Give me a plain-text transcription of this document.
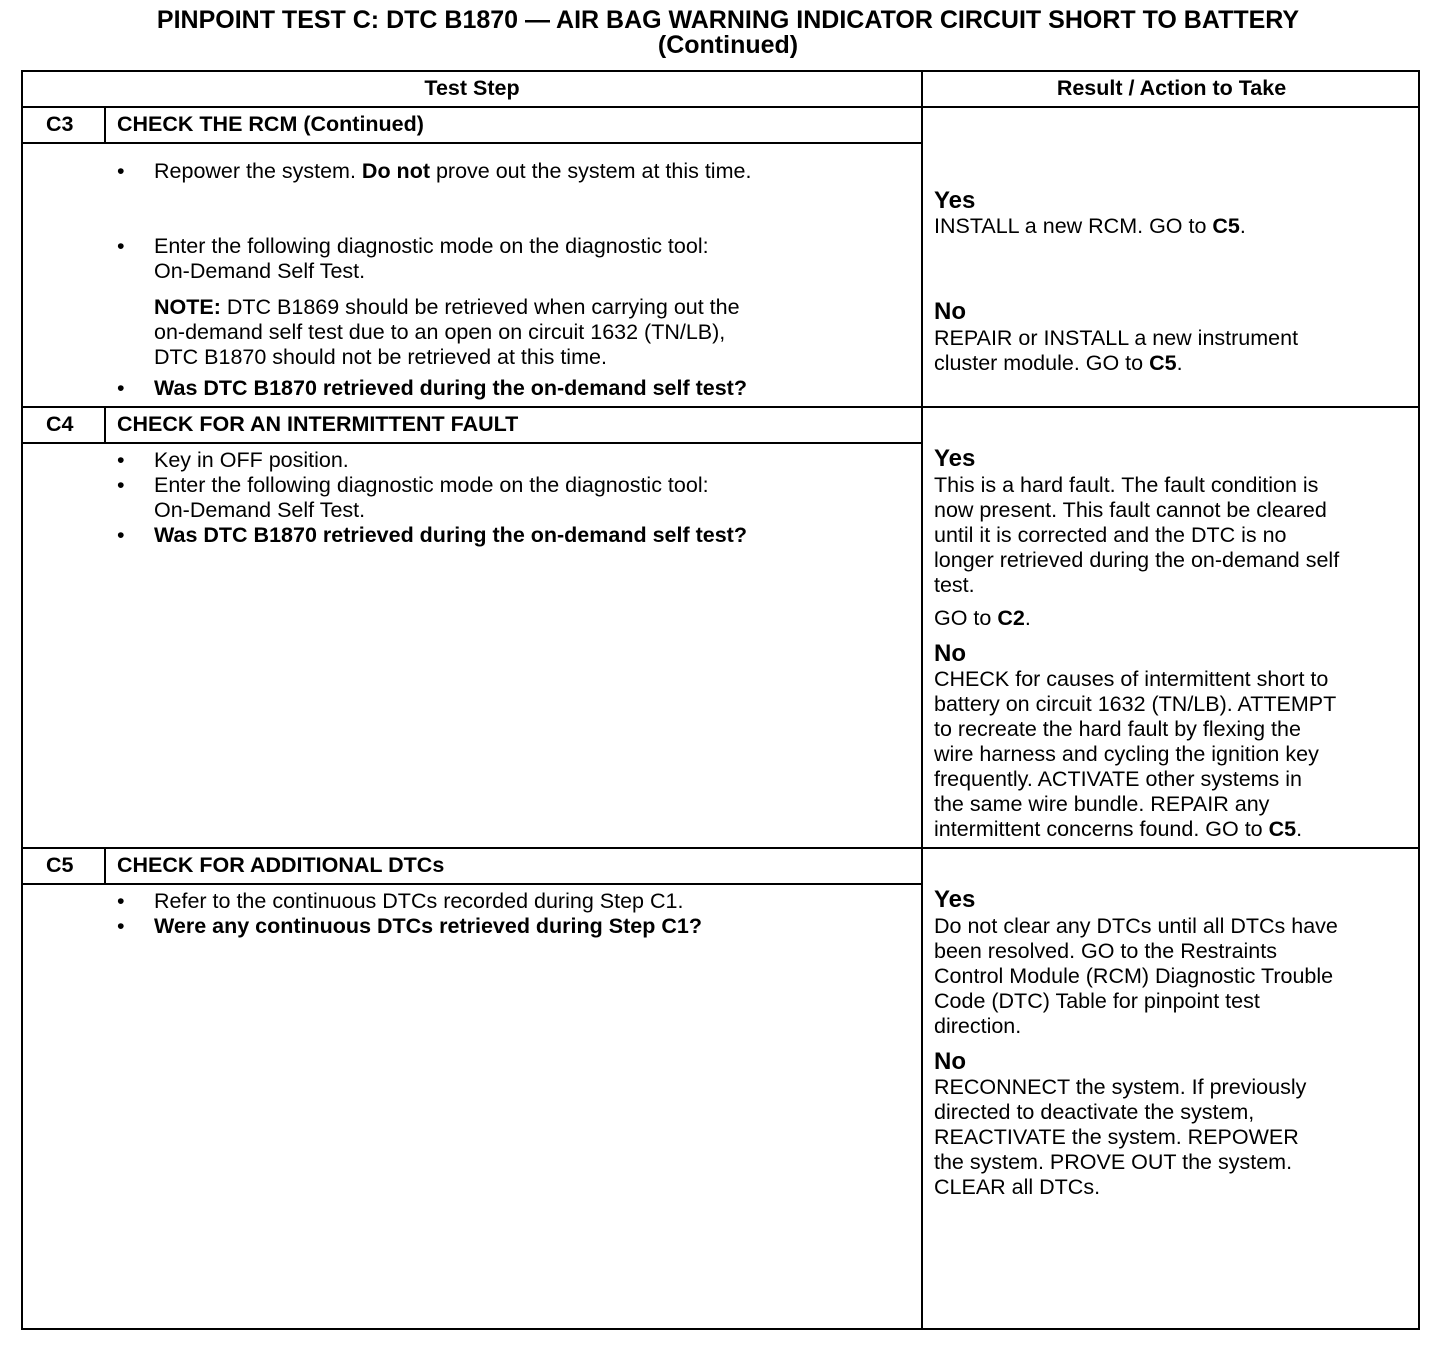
PINPOINT TEST C: DTC B1870 — AIR BAG WARNING INDICATOR CIRCUIT SHORT TO BATTERY
(Continued)
Test Step	Result / Action to Take
C3 CHECK THE RCM (Continued)
• Repower the system. Do not prove out the system at this time.
• Enter the following diagnostic mode on the diagnostic tool:
On-Demand Self Test.
NOTE: DTC B1869 should be retrieved when carrying out the
on-demand self test due to an open on circuit 1632 (TN/LB),
DTC B1870 should not be retrieved at this time.
• Was DTC B1870 retrieved during the on-demand self test?
Yes
INSTALL a new RCM. GO to C5.
No
REPAIR or INSTALL a new instrument
cluster module. GO to C5.
C4 CHECK FOR AN INTERMITTENT FAULT
• Key in OFF position.
• Enter the following diagnostic mode on the diagnostic tool:
On-Demand Self Test.
• Was DTC B1870 retrieved during the on-demand self test?
Yes
This is a hard fault. The fault condition is
now present. This fault cannot be cleared
until it is corrected and the DTC is no
longer retrieved during the on-demand self
test.
GO to C2.
No
CHECK for causes of intermittent short to
battery on circuit 1632 (TN/LB). ATTEMPT
to recreate the hard fault by flexing the
wire harness and cycling the ignition key
frequently. ACTIVATE other systems in
the same wire bundle. REPAIR any
intermittent concerns found. GO to C5.
C5 CHECK FOR ADDITIONAL DTCs
• Refer to the continuous DTCs recorded during Step C1.
• Were any continuous DTCs retrieved during Step C1?
Yes
Do not clear any DTCs until all DTCs have
been resolved. GO to the Restraints
Control Module (RCM) Diagnostic Trouble
Code (DTC) Table for pinpoint test
direction.
No
RECONNECT the system. If previously
directed to deactivate the system,
REACTIVATE the system. REPOWER
the system. PROVE OUT the system.
CLEAR all DTCs.
